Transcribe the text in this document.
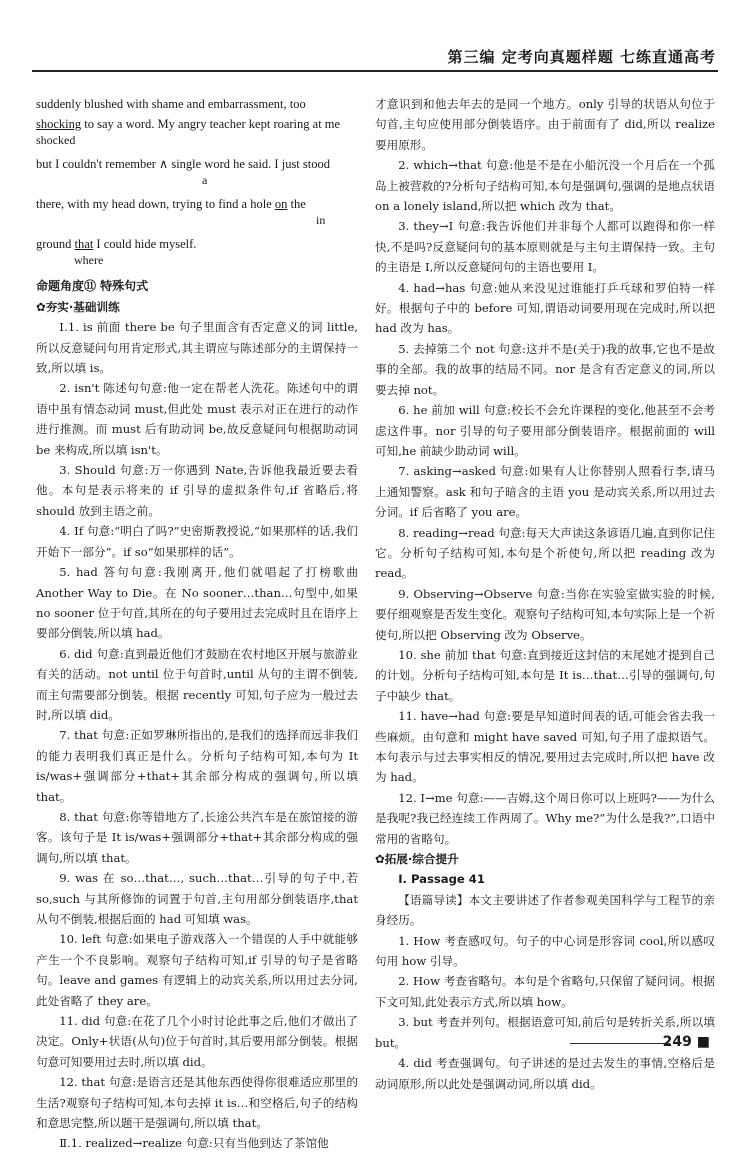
第三编 定考向真题样题 七练直通高考

suddenly blushed with shame and embarrassment, too

shocking to say a word. My angry teacher kept roaring at me
shocked
but I couldn't remember ∧ single word he said. I just stood
a
there, with my head down, trying to find a hole on the
in
ground that I could hide myself.
where

命题角度⑪ 特殊句式

✿夯实·基础训练

Ⅰ.1. is 前面 there be 句子里面含有否定意义的词 little,所以反意疑问句用肯定形式,其主谓应与陈述部分的主谓保持一致,所以填 is。

2. isn't 陈述句句意:他一定在帮老人洗花。陈述句中的谓语中虽有情态动词 must,但此处 must 表示对正在进行的动作进行推测。而 must 后有助动词 be,故反意疑问句根据助动词 be 来构成,所以填 isn't。

3. Should 句意:万一你遇到 Nate,告诉他我最近要去看他。本句是表示将来的 if 引导的虚拟条件句,if 省略后,将 should 放到主语之前。

4. If 句意:“明白了吗?”史密斯教授说,“如果那样的话,我们开始下一部分”。if so“如果那样的话”。

5. had 答句句意:我刚离开,他们就唱起了打榜歌曲 Another Way to Die。在 No sooner…than…句型中,如果 no sooner 位于句首,其所在的句子要用过去完成时且在语序上要部分倒装,所以填 had。

6. did 句意:直到最近他们才鼓励在农村地区开展与旅游业有关的活动。not until 位于句首时,until 从句的主谓不倒装,而主句需要部分倒装。根据 recently 可知,句子应为一般过去时,所以填 did。

7. that 句意:正如罗琳所指出的,是我们的选择而远非我们的能力表明我们真正是什么。分析句子结构可知,本句为 It is/was+强调部分+that+其余部分构成的强调句,所以填 that。

8. that 句意:你等错地方了,长途公共汽车是在旅馆接的游客。该句子是 It is/was+强调部分+that+其余部分构成的强调句,所以填 that。

9. was 在 so…that…, such…that…引导的句子中,若 so,such 与其所修饰的词置于句首,主句用部分倒装语序,that 从句不倒装,根据后面的 had 可知填 was。

10. left 句意:如果电子游戏落入一个错误的人手中就能够产生一个不良影响。观察句子结构可知,if 引导的句子是省略句。leave and games 有逻辑上的动宾关系,所以用过去分词,此处省略了 they are。

11. did 句意:在花了几个小时讨论此事之后,他们才做出了决定。Only+状语(从句)位于句首时,其后要用部分倒装。根据句意可知要用过去时,所以填 did。

12. that 句意:是语言还是其他东西使得你很难适应那里的生活?观察句子结构可知,本句去掉 it is…和空格后,句子的结构和意思完整,所以题干是强调句,所以填 that。

Ⅱ.1. realized→realize 句意:只有当他到达了茶馆他

才意识到和他去年去的是同一个地方。only 引导的状语从句位于句首,主句应使用部分倒装语序。由于前面有了 did,所以 realize 要用原形。

2. which→that 句意:他是不是在小船沉没一个月后在一个孤岛上被营救的?分析句子结构可知,本句是强调句,强调的是地点状语 on a lonely island,所以把 which 改为 that。

3. they→I 句意:我告诉他们并非每个人都可以跑得和你一样快,不是吗?反意疑问句的基本原则就是与主句主谓保持一致。主句的主语是 I,所以反意疑问句的主语也要用 I。

4. had→has 句意:她从来没见过谁能打乒乓球和罗伯特一样好。根据句子中的 before 可知,谓语动词要用现在完成时,所以把 had 改为 has。

5. 去掉第二个 not 句意:这并不是(关于)我的故事,它也不是故事的全部。我的故事的结局不同。nor 是含有否定意义的词,所以要去掉 not。

6. he 前加 will 句意:校长不会允许课程的变化,他甚至不会考虑这件事。nor 引导的句子要用部分倒装语序。根据前面的 will 可知,he 前缺少助动词 will。

7. asking→asked 句意:如果有人让你替别人照看行李,请马上通知警察。ask 和句子暗含的主语 you 是动宾关系,所以用过去分词。if 后省略了 you are。

8. reading→read 句意:每天大声读这条谚语几遍,直到你记住它。分析句子结构可知,本句是个祈使句,所以把 reading 改为 read。

9. Observing→Observe 句意:当你在实验室做实验的时候,要仔细观察是否发生变化。观察句子结构可知,本句实际上是一个祈使句,所以把 Observing 改为 Observe。

10. she 前加 that 句意:直到接近这封信的末尾她才提到自己的计划。分析句子结构可知,本句是 It is…that…引导的强调句,句子中缺少 that。

11. have→had 句意:要是早知道时间表的话,可能会省去我一些麻烦。由句意和 might have saved 可知,句子用了虚拟语气。本句表示与过去事实相反的情况,要用过去完成时,所以把 have 改为 had。

12. I→me 句意:——吉姆,这个周日你可以上班吗?——为什么是我呢?我已经连续工作两周了。Why me?“为什么是我?”,口语中常用的省略句。

✿拓展·综合提升

Ⅰ. Passage 41

【语篇导读】本文主要讲述了作者参观美国科学与工程节的亲身经历。

1. How 考查感叹句。句子的中心词是形容词 cool,所以感叹句用 how 引导。

2. How 考查省略句。本句是个省略句,只保留了疑问词。根据下文可知,此处表示方式,所以填 how。

3. but 考查并列句。根据语意可知,前后句是转折关系,所以填 but。

4. did 考查强调句。句子讲述的是过去发生的事情,空格后是动词原形,所以此处是强调动词,所以填 did。

249 ■
